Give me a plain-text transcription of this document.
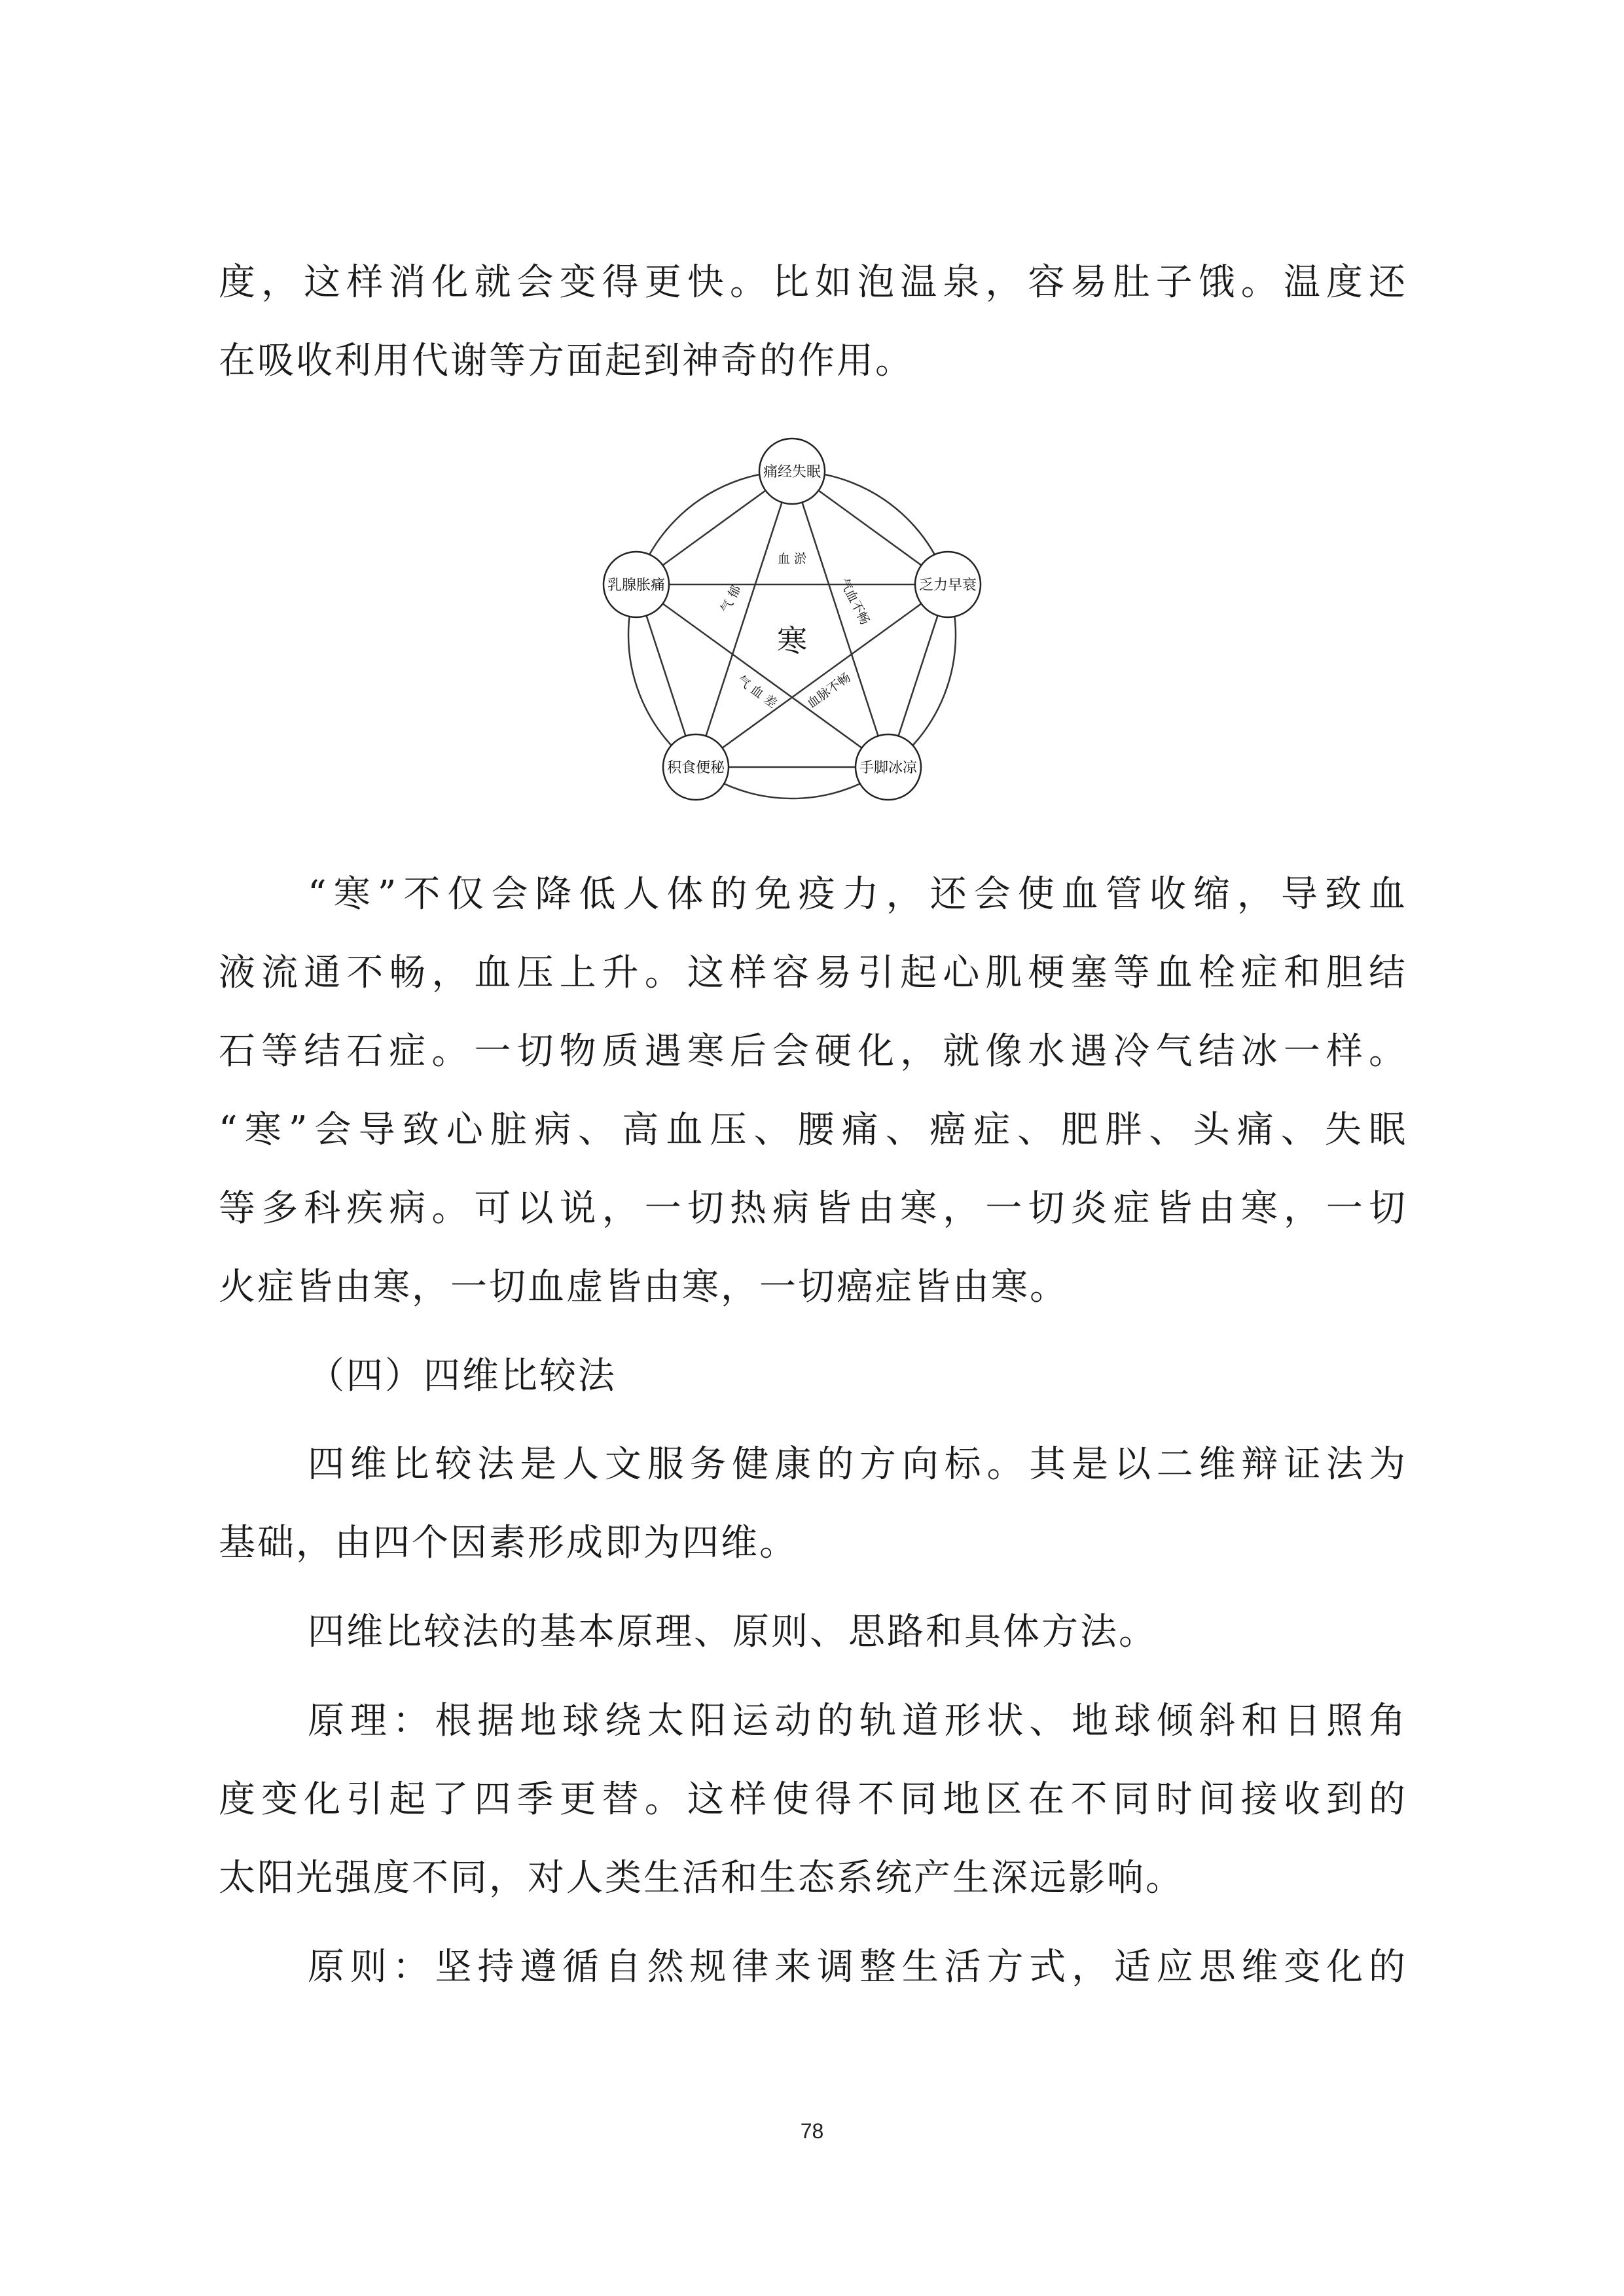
度，这样消化就会变得更快。比如泡温泉，容易肚子饿。温度还

在吸收利用代谢等方面起到神奇的作用。

寒
血 淤
气血不畅
血脉不畅
气 血 差
气 郁
痛经失眠
乏力早衰
手脚冰凉
积食便秘
乳腺胀痛

“寒”不仅会降低人体的免疫力，还会使血管收缩，导致血

液流通不畅，血压上升。这样容易引起心肌梗塞等血栓症和胆结

石等结石症。一切物质遇寒后会硬化，就像水遇冷气结冰一样。

“寒”会导致心脏病、高血压、腰痛、癌症、肥胖、头痛、失眠

等多科疾病。可以说，一切热病皆由寒，一切炎症皆由寒，一切

火症皆由寒，一切血虚皆由寒，一切癌症皆由寒。

（四）四维比较法

四维比较法是人文服务健康的方向标。其是以二维辩证法为

基础，由四个因素形成即为四维。

四维比较法的基本原理、原则、思路和具体方法。

原理：根据地球绕太阳运动的轨道形状、地球倾斜和日照角

度变化引起了四季更替。这样使得不同地区在不同时间接收到的

太阳光强度不同，对人类生活和生态系统产生深远影响。

原则：坚持遵循自然规律来调整生活方式，适应思维变化的

78
